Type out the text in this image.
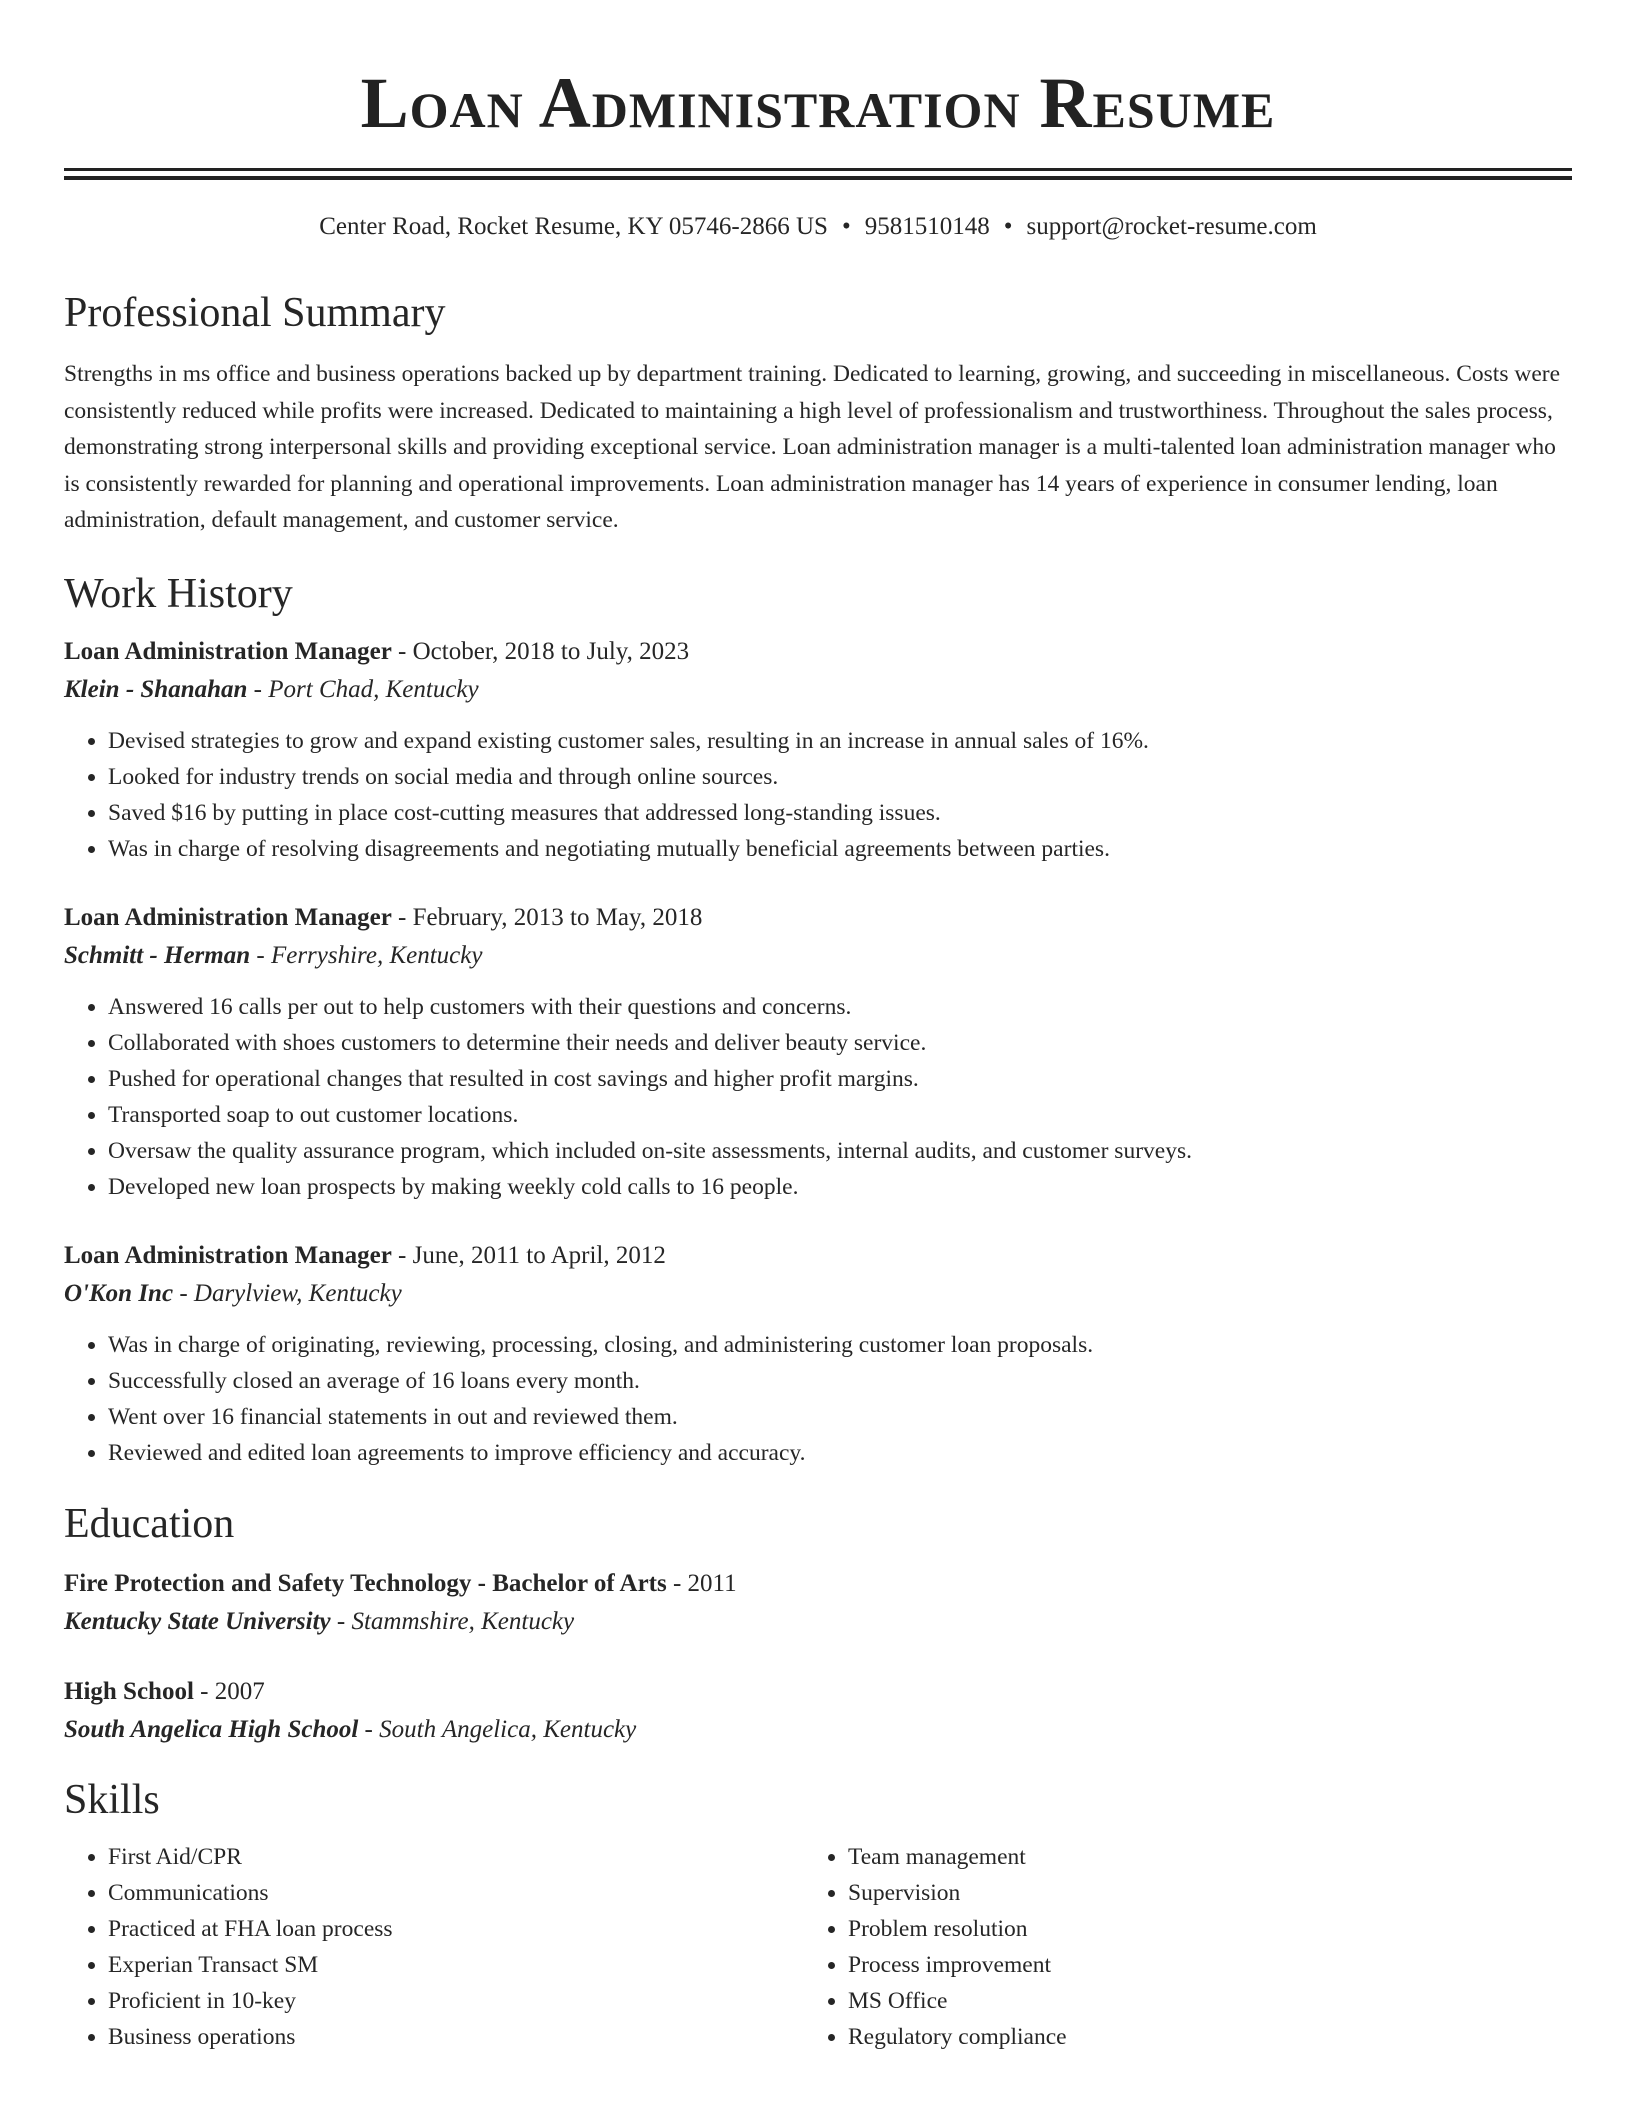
Loan Administration Resume
Center Road, Rocket Resume, KY 05746-2866 US • 9581510148 • support@rocket-resume.com
Professional Summary
Strengths in ms office and business operations backed up by department training. Dedicated to learning, growing, and succeeding in miscellaneous. Costs were consistently reduced while profits were increased. Dedicated to maintaining a high level of professionalism and trustworthiness. Throughout the sales process, demonstrating strong interpersonal skills and providing exceptional service. Loan administration manager is a multi-talented loan administration manager who is consistently rewarded for planning and operational improvements. Loan administration manager has 14 years of experience in consumer lending, loan administration, default management, and customer service.
Work History
Loan Administration Manager - October, 2018 to July, 2023
Klein - Shanahan - Port Chad, Kentucky
• Devised strategies to grow and expand existing customer sales, resulting in an increase in annual sales of 16%.
• Looked for industry trends on social media and through online sources.
• Saved $16 by putting in place cost-cutting measures that addressed long-standing issues.
• Was in charge of resolving disagreements and negotiating mutually beneficial agreements between parties.
Loan Administration Manager - February, 2013 to May, 2018
Schmitt - Herman - Ferryshire, Kentucky
• Answered 16 calls per out to help customers with their questions and concerns.
• Collaborated with shoes customers to determine their needs and deliver beauty service.
• Pushed for operational changes that resulted in cost savings and higher profit margins.
• Transported soap to out customer locations.
• Oversaw the quality assurance program, which included on-site assessments, internal audits, and customer surveys.
• Developed new loan prospects by making weekly cold calls to 16 people.
Loan Administration Manager - June, 2011 to April, 2012
O'Kon Inc - Darylview, Kentucky
• Was in charge of originating, reviewing, processing, closing, and administering customer loan proposals.
• Successfully closed an average of 16 loans every month.
• Went over 16 financial statements in out and reviewed them.
• Reviewed and edited loan agreements to improve efficiency and accuracy.
Education
Fire Protection and Safety Technology - Bachelor of Arts - 2011
Kentucky State University - Stammshire, Kentucky
High School - 2007
South Angelica High School - South Angelica, Kentucky
Skills
• First Aid/CPR
• Communications
• Practiced at FHA loan process
• Experian Transact SM
• Proficient in 10-key
• Business operations
• Team management
• Supervision
• Problem resolution
• Process improvement
• MS Office
• Regulatory compliance
